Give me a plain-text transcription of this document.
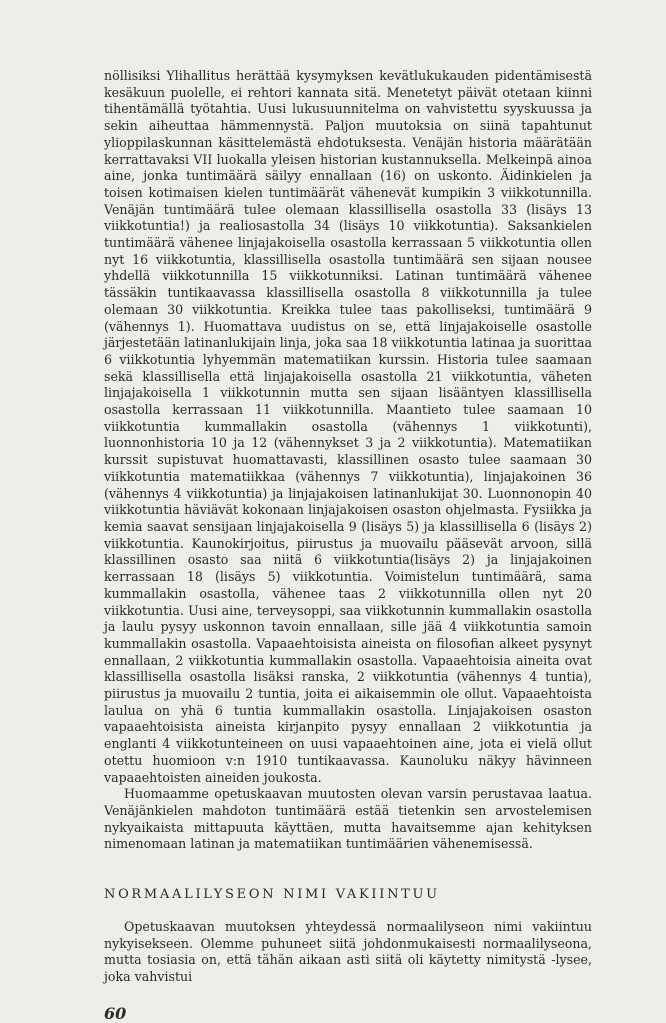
nöllisiksi Ylihallitus herättää kysymyksen kevätlukukauden pidentämisestä kesäkuun puolelle, ei rehtori kannata sitä. Menetetyt päivät otetaan kiinni tihentämällä työtahtia. Uusi lukusuunnitelma on vahvistettu syyskuussa ja sekin aiheuttaa hämmennystä. Paljon muutoksia on siinä tapahtunut ylioppilaskunnan käsittelemästä ehdotuksesta. Venäjän historia määrätään kerrattavaksi VII luokalla yleisen historian kustannuksella. Melkeinpä ainoa aine, jonka tuntimäärä säilyy ennallaan (16) on uskonto. Äidinkielen ja toisen kotimaisen kielen tuntimäärät vähenevät kumpikin 3 viikkotunnilla. Venäjän tuntimäärä tulee olemaan klassillisella osastolla 33 (lisäys 13 viikkotuntia!) ja realiosastolla 34 (lisäys 10 viikkotuntia). Saksankielen tuntimäärä vähenee linjajakoisella osastolla kerrassaan 5 viikkotuntia ollen nyt 16 viikkotuntia, klassillisella osastolla tuntimäärä sen sijaan nousee yhdellä viikkotunnilla 15 viikkotunniksi. Latinan tuntimäärä vähenee tässäkin tuntikaavassa klassillisella osastolla 8 viikkotunnilla ja tulee olemaan 30 viikkotuntia. Kreikka tulee taas pakolliseksi, tuntimäärä 9 (vähennys 1). Huomattava uudistus on se, että linjajakoiselle osastolle järjestetään latinanlukijain linja, joka saa 18 viikkotuntia latinaa ja suorittaa 6 viikkotuntia lyhyemmän matematiikan kurssin. Historia tulee saamaan sekä klassillisella että linjajakoisella osastolla 21 viikkotuntia, väheten linjajakoisella 1 viikkotunnin mutta sen sijaan lisääntyen klassillisella osastolla kerrassaan 11 viikkotunnilla. Maantieto tulee saamaan 10 viikkotuntia kummallakin osastolla (vähennys 1 viikkotunti), luonnonhistoria 10 ja 12 (vähennykset 3 ja 2 viikkotuntia). Matematiikan kurssit supistuvat huomattavasti, klassillinen osasto tulee saamaan 30 viikkotuntia matematiikkaa (vähennys 7 viikkotuntia), linjajakoinen 36 (vähennys 4 viikkotuntia) ja linjajakoisen latinanlukijat 30. Luonnonopin 40 viikkotuntia häviävät kokonaan linjajakoisen osaston ohjelmasta. Fysiikka ja kemia saavat sensijaan linjajakoisella 9 (lisäys 5) ja klassillisella 6 (lisäys 2) viikkotuntia. Kaunokirjoitus, piirustus ja muovailu pääsevät arvoon, sillä klassillinen osasto saa niitä 6 viikkotuntia(lisäys 2) ja linjajakoinen kerrassaan 18 (lisäys 5) viikkotuntia. Voimistelun tuntimäärä, sama kummallakin osastolla, vähenee taas 2 viikkotunnilla ollen nyt 20 viikkotuntia. Uusi aine, terveysoppi, saa viikkotunnin kummallakin osastolla ja laulu pysyy uskonnon tavoin ennallaan, sille jää 4 viikkotuntia samoin kummallakin osastolla. Vapaaehtoisista aineista on filosofian alkeet pysynyt ennallaan, 2 viikkotuntia kummallakin osastolla. Vapaaehtoisia aineita ovat klassillisella osastolla lisäksi ranska, 2 viikkotuntia (vähennys 4 tuntia), piirustus ja muovailu 2 tuntia, joita ei aikaisemmin ole ollut. Vapaaehtoista laulua on yhä 6 tuntia kummallakin osastolla. Linjajakoisen osaston vapaaehtoisista aineista kirjanpito pysyy ennallaan 2 viikkotuntia ja englanti 4 viikkotunteineen on uusi vapaaehtoinen aine, jota ei vielä ollut otettu huomioon v:n 1910 tuntikaavassa. Kaunoluku näkyy hävinneen vapaaehtoisten aineiden joukosta.

Huomaamme opetuskaavan muutosten olevan varsin perustavaa laatua. Venäjänkielen mahdoton tuntimäärä estää tietenkin sen arvostelemisen nykyaikaista mittapuuta käyttäen, mutta havaitsemme ajan kehityksen nimenomaan latinan ja matematiikan tuntimäärien vähenemisessä.

NORMAALILYSEON NIMI VAKIINTUU

Opetuskaavan muutoksen yhteydessä normaalilyseon nimi vakiintuu nykyisekseen. Olemme puhuneet siitä johdonmukaisesti normaalilyseona, mutta tosiasia on, että tähän aikaan asti siitä oli käytetty nimitystä -lysee, joka vahvistui

60
